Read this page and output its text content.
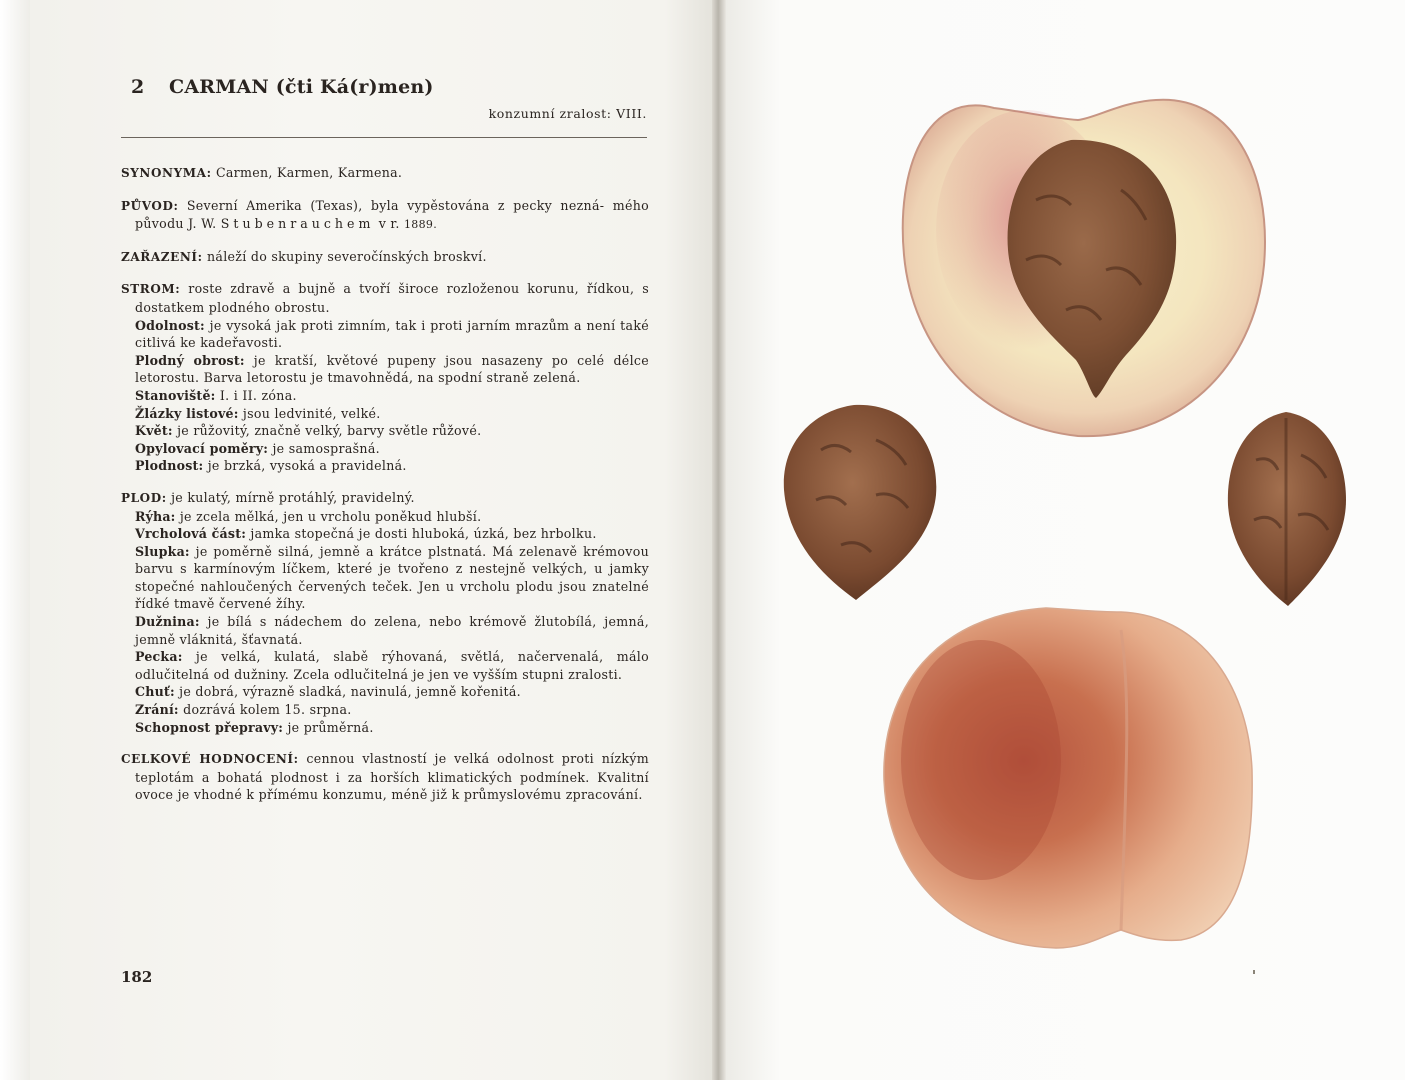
2 CARMAN (čti Ká(r)men)
konzumní zralost: VIII.

SYNONYMA: Carmen, Karmen, Karmena.

PŮVOD: Severní Amerika (Texas), byla vypěstována z pecky nezná- mého původu J. W. Stubenrauchem v r. 1889.

ZAŘAZENÍ: náleží do skupiny severočínských broskví.

STROM: roste zdravě a bujně a tvoří široce rozloženou korunu, řídkou, s dostatkem plodného obrostu.

Odolnost: je vysoká jak proti zimním, tak i proti jarním mrazům a není také citlivá ke kadeřavosti.

Plodný obrost: je kratší, květové pupeny jsou nasazeny po celé délce letorostu. Barva letorostu je tmavohnědá, na spodní straně zelená.

Stanoviště: I. i II. zóna.

Žlázky listové: jsou ledvinité, velké.

Květ: je růžovitý, značně velký, barvy světle růžové.

Opylovací poměry: je samosprašná.

Plodnost: je brzká, vysoká a pravidelná.

PLOD: je kulatý, mírně protáhlý, pravidelný.

Rýha: je zcela mělká, jen u vrcholu poněkud hlubší.

Vrcholová část: jamka stopečná je dosti hluboká, úzká, bez hrbolku.

Slupka: je poměrně silná, jemně a krátce plstnatá. Má zelenavě krémovou barvu s karmínovým líčkem, které je tvořeno z nestejně velkých, u jamky stopečné nahloučených červených teček. Jen u vrcholu plodu jsou znatelné řídké tmavě červené žíhy.

Dužnina: je bílá s nádechem do zelena, nebo krémově žlutobílá, jemná, jemně vláknitá, šťavnatá.

Pecka: je velká, kulatá, slabě rýhovaná, světlá, načervenalá, málo odlučitelná od dužniny. Zcela odlučitelná je jen ve vyšším stupni zralosti.

Chuť: je dobrá, výrazně sladká, navinulá, jemně kořenitá.

Zrání: dozrává kolem 15. srpna.

Schopnost přepravy: je průměrná.

CELKOVÉ HODNOCENÍ: cennou vlastností je velká odolnost proti nízkým teplotám a bohatá plodnost i za horších klimatických podmínek. Kvalitní ovoce je vhodné k přímému konzumu, méně již k průmyslovému zpracování.

182
